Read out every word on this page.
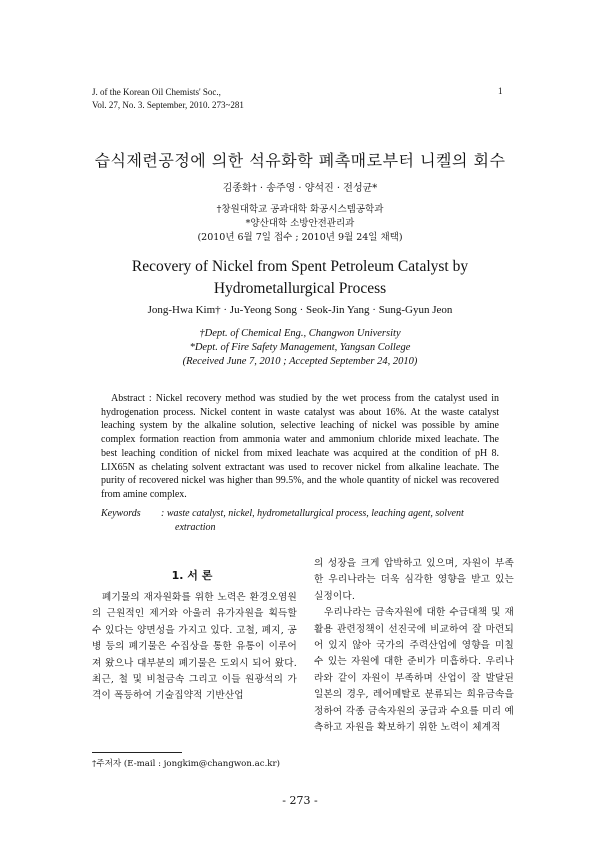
J. of the Korean Oil Chemists' Soc.,
Vol. 27, No. 3. September, 2010. 273~281
1
습식제련공정에 의한 석유화학 폐촉매로부터 니켈의 회수
김종화† · 송주영 · 양석진 · 전성균*
†창원대학교 공과대학 화공시스템공학과
*양산대학 소방안전관리과
(2010년 6월 7일 접수 ; 2010년 9월 24일 채택)
Recovery of Nickel from Spent Petroleum Catalyst by
Hydrometallurgical Process
Jong-Hwa Kim† · Ju-Yeong Song · Seok-Jin Yang · Sung-Gyun Jeon
†Dept. of Chemical Eng., Changwon University
*Dept. of Fire Safety Management, Yangsan College
(Received June 7, 2010 ; Accepted September 24, 2010)
Abstract : Nickel recovery method was studied by the wet process from the catalyst used in hydrogenation process. Nickel content in waste catalyst was about 16%. At the waste catalyst leaching system by the alkaline solution, selective leaching of nickel was possible by amine complex formation reaction from ammonia water and ammonium chloride mixed leachate. The best leaching condition of nickel from mixed leachate was acquired at the condition of pH 8. LIX65N as chelating solvent extractant was used to recover nickel from alkaline leachate. The purity of recovered nickel was higher than 99.5%, and the whole quantity of nickel was recovered from amine complex.
Keywords : waste catalyst, nickel, hydrometallurgical process, leaching agent, solvent
extraction
1. 서 론

폐기물의 재자원화를 위한 노력은 환경오염원의 근원적인 제거와 아울러 유가자원을 획득할 수 있다는 양면성을 가지고 있다. 고철, 폐지, 공병 등의 폐기물은 수집상을 통한 유통이 이루어져 왔으나 대부분의 폐기물은 도외시 되어 왔다. 최근, 철 및 비철금속 그리고 이들 원광석의 가격이 폭등하여 기술집약적 기반산업

의 성장을 크게 압박하고 있으며, 자원이 부족한 우리나라는 더욱 심각한 영향을 받고 있는 실정이다.

우리나라는 금속자원에 대한 수급대책 및 재활용 관련정책이 선진국에 비교하여 잘 마련되어 있지 않아 국가의 주력산업에 영향을 미칠 수 있는 자원에 대한 준비가 미흡하다. 우리나라와 같이 자원이 부족하며 산업이 잘 발달된 일본의 경우, 레어메탈로 분류되는 희유금속을 정하여 각종 금속자원의 공급과 수요를 미리 예측하고 자원을 확보하기 위한 노력이 체계적

†주저자 (E-mail : jongkim@changwon.ac.kr)
- 273 -
